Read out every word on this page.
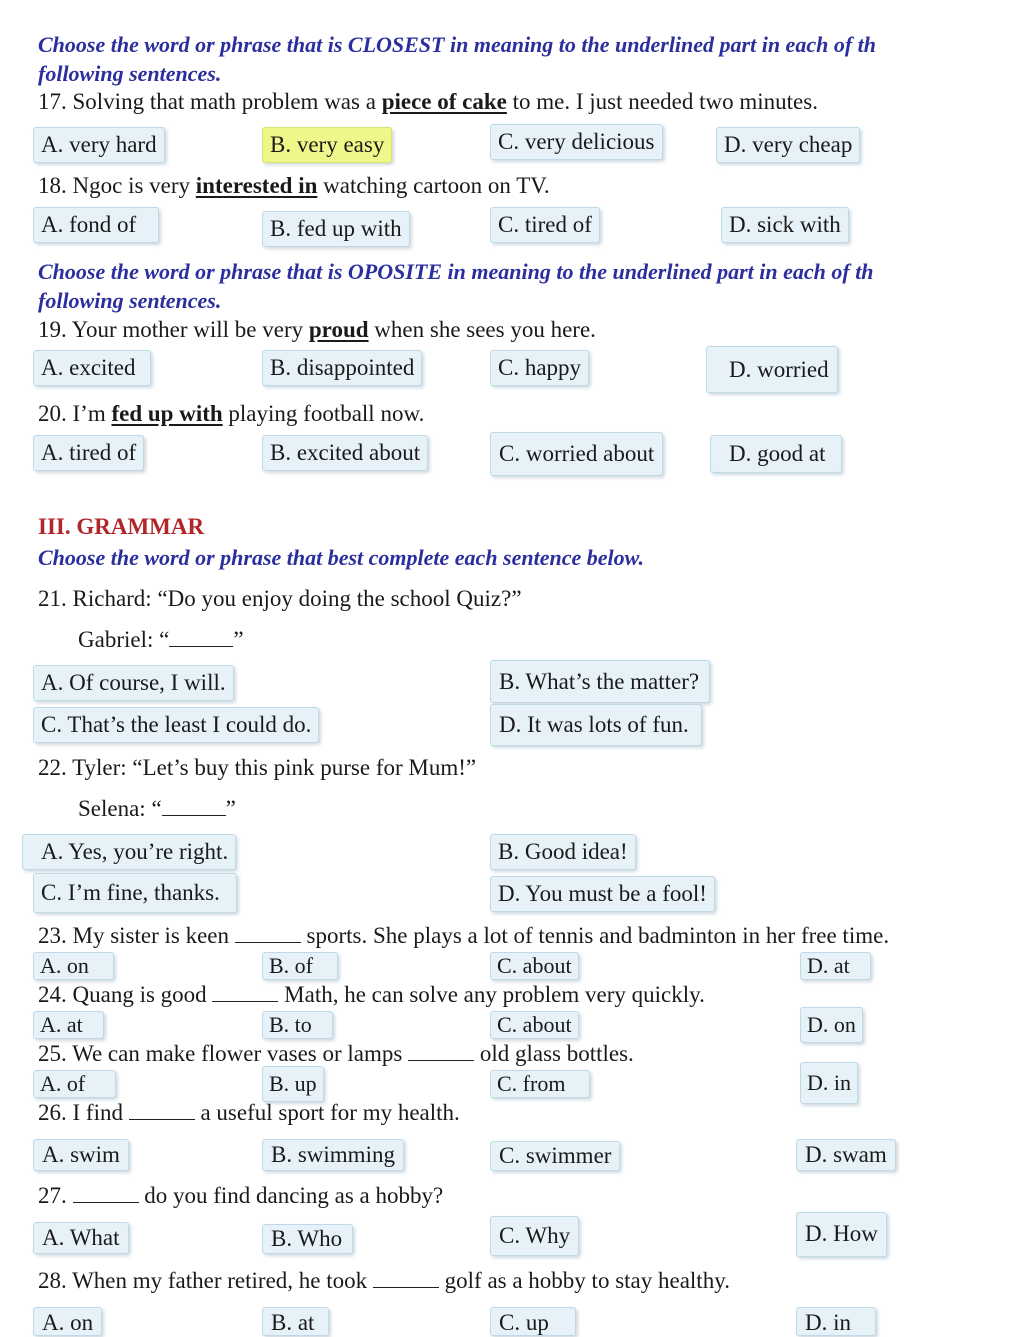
Choose the word or phrase that is CLOSEST in meaning to the underlined part in each of th
following sentences.
17. Solving that math problem was a piece of cake to me. I just needed two minutes.
A. very hard	B. very easy	C. very delicious	D. very cheap
18. Ngoc is very interested in watching cartoon on TV.
A. fond of	B. fed up with	C. tired of	D. sick with
Choose the word or phrase that is OPOSITE in meaning to the underlined part in each of th
following sentences.
19. Your mother will be very proud when she sees you here.
A. excited	B. disappointed	C. happy	D. worried
20. I’m fed up with playing football now.
A. tired of	B. excited about	C. worried about	D. good at
III. GRAMMAR
Choose the word or phrase that best complete each sentence below.
21. Richard: “Do you enjoy doing the school Quiz?”
Gabriel: “	”
A. Of course, I will.	B. What’s the matter?
C. That’s the least I could do.	D. It was lots of fun.
22. Tyler: “Let’s buy this pink purse for Mum!”
Selena: “	”
A. Yes, you’re right.	B. Good idea!
C. I’m fine, thanks.	D. You must be a fool!
23. My sister is keen	sports. She plays a lot of tennis and badminton in her free time.
A. on	B. of	C. about	D. at
24. Quang is good	Math, he can solve any problem very quickly.
A. at	B. to	C. about	D. on
25. We can make flower vases or lamps	old glass bottles.
A. of	B. up	C. from	D. in
26. I find	a useful sport for my health.
A. swim	B. swimming	C. swimmer	D. swam
27.	do you find dancing as a hobby?
A. What	B. Who	C. Why	D. How
28. When my father retired, he took	golf as a hobby to stay healthy.
A. on	B. at	C. up	D. in
